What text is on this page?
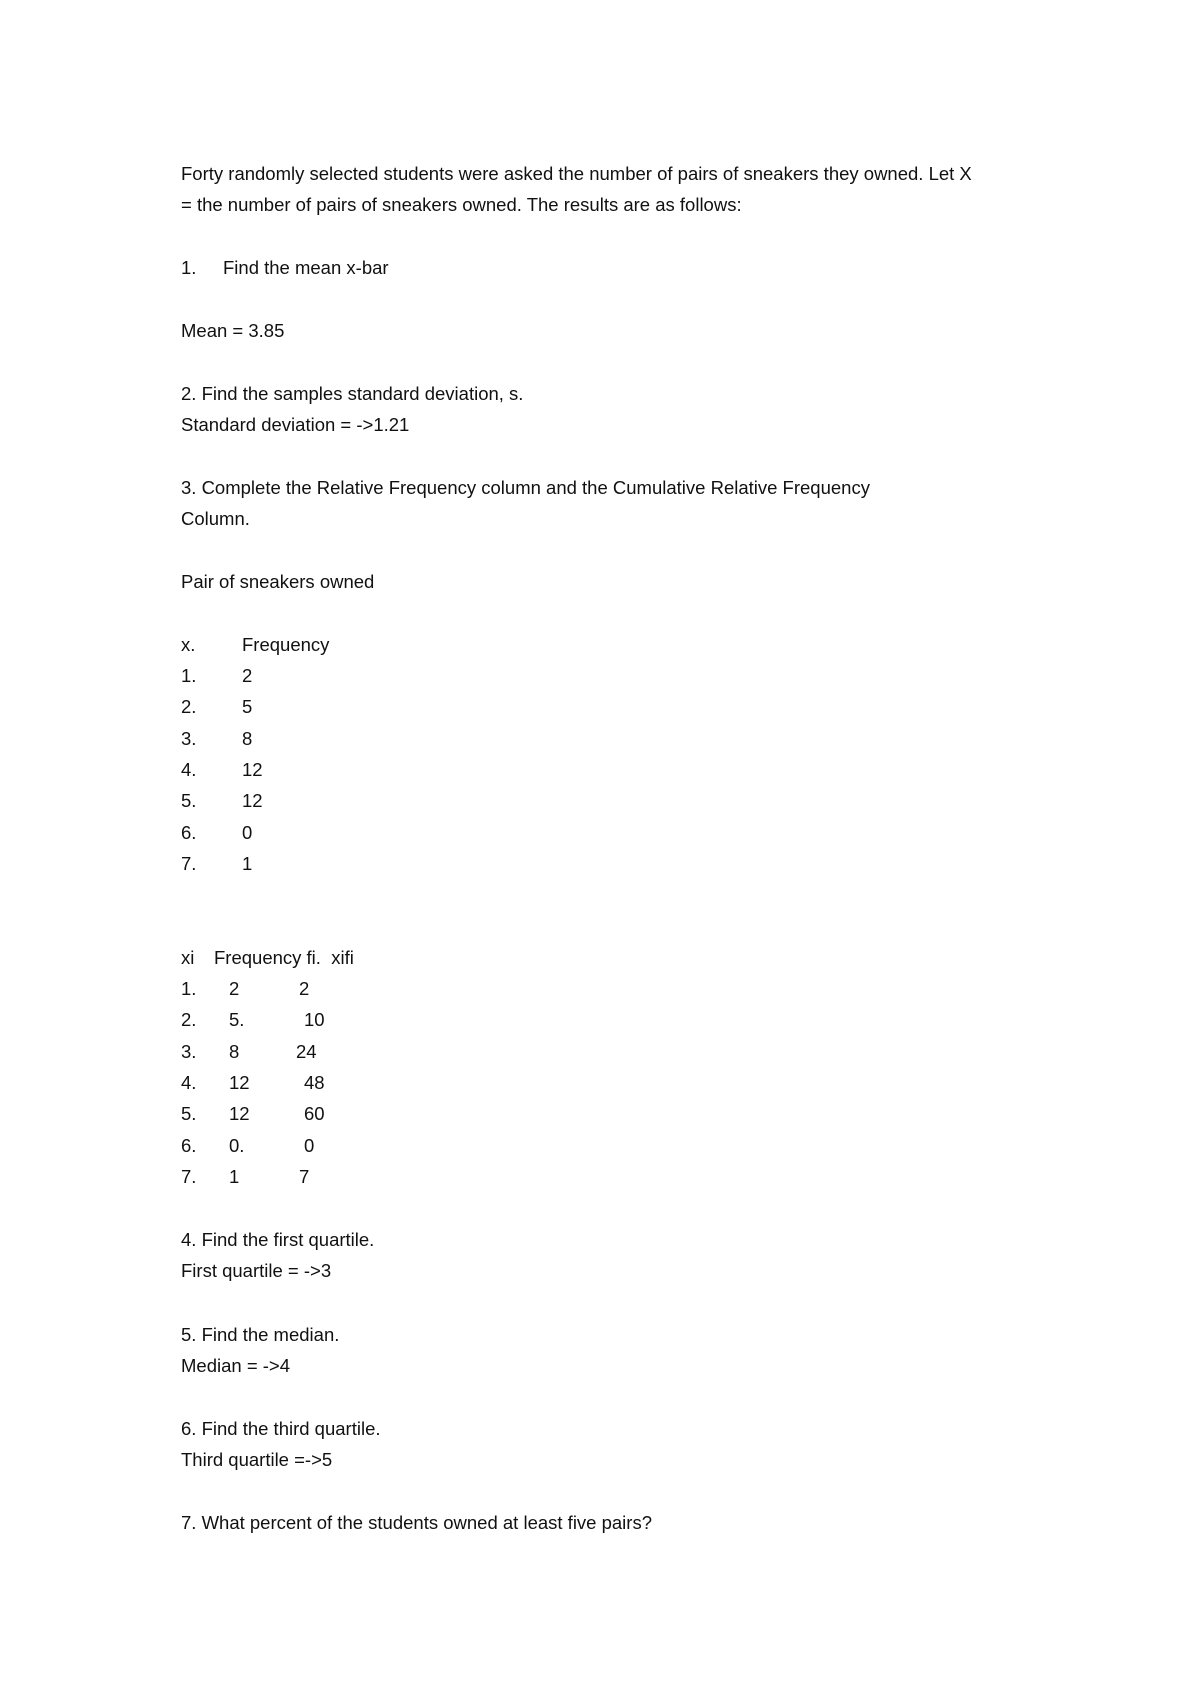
Forty randomly selected students were asked the number of pairs of sneakers they owned. Let X
= the number of pairs of sneakers owned. The results are as follows:
1. Find the mean x-bar
Mean = 3.85
2. Find the samples standard deviation, s.
Standard deviation = ->1.21
3. Complete the Relative Frequency column and the Cumulative Relative Frequency
Column.
Pair of sneakers owned
x.	Frequency
1. 2
2. 5
3. 8
4. 12
5. 12
6. 0
7. 1
xi Frequency fi.  xifi
1. 2	2
2. 5.	10
3. 8	24
4. 12	48
5. 12	60
6. 0.	0
7. 1	7
4. Find the first quartile.
First quartile = ->3
5. Find the median.
Median = ->4
6. Find the third quartile.
Third quartile =->5
7. What percent of the students owned at least five pairs?
